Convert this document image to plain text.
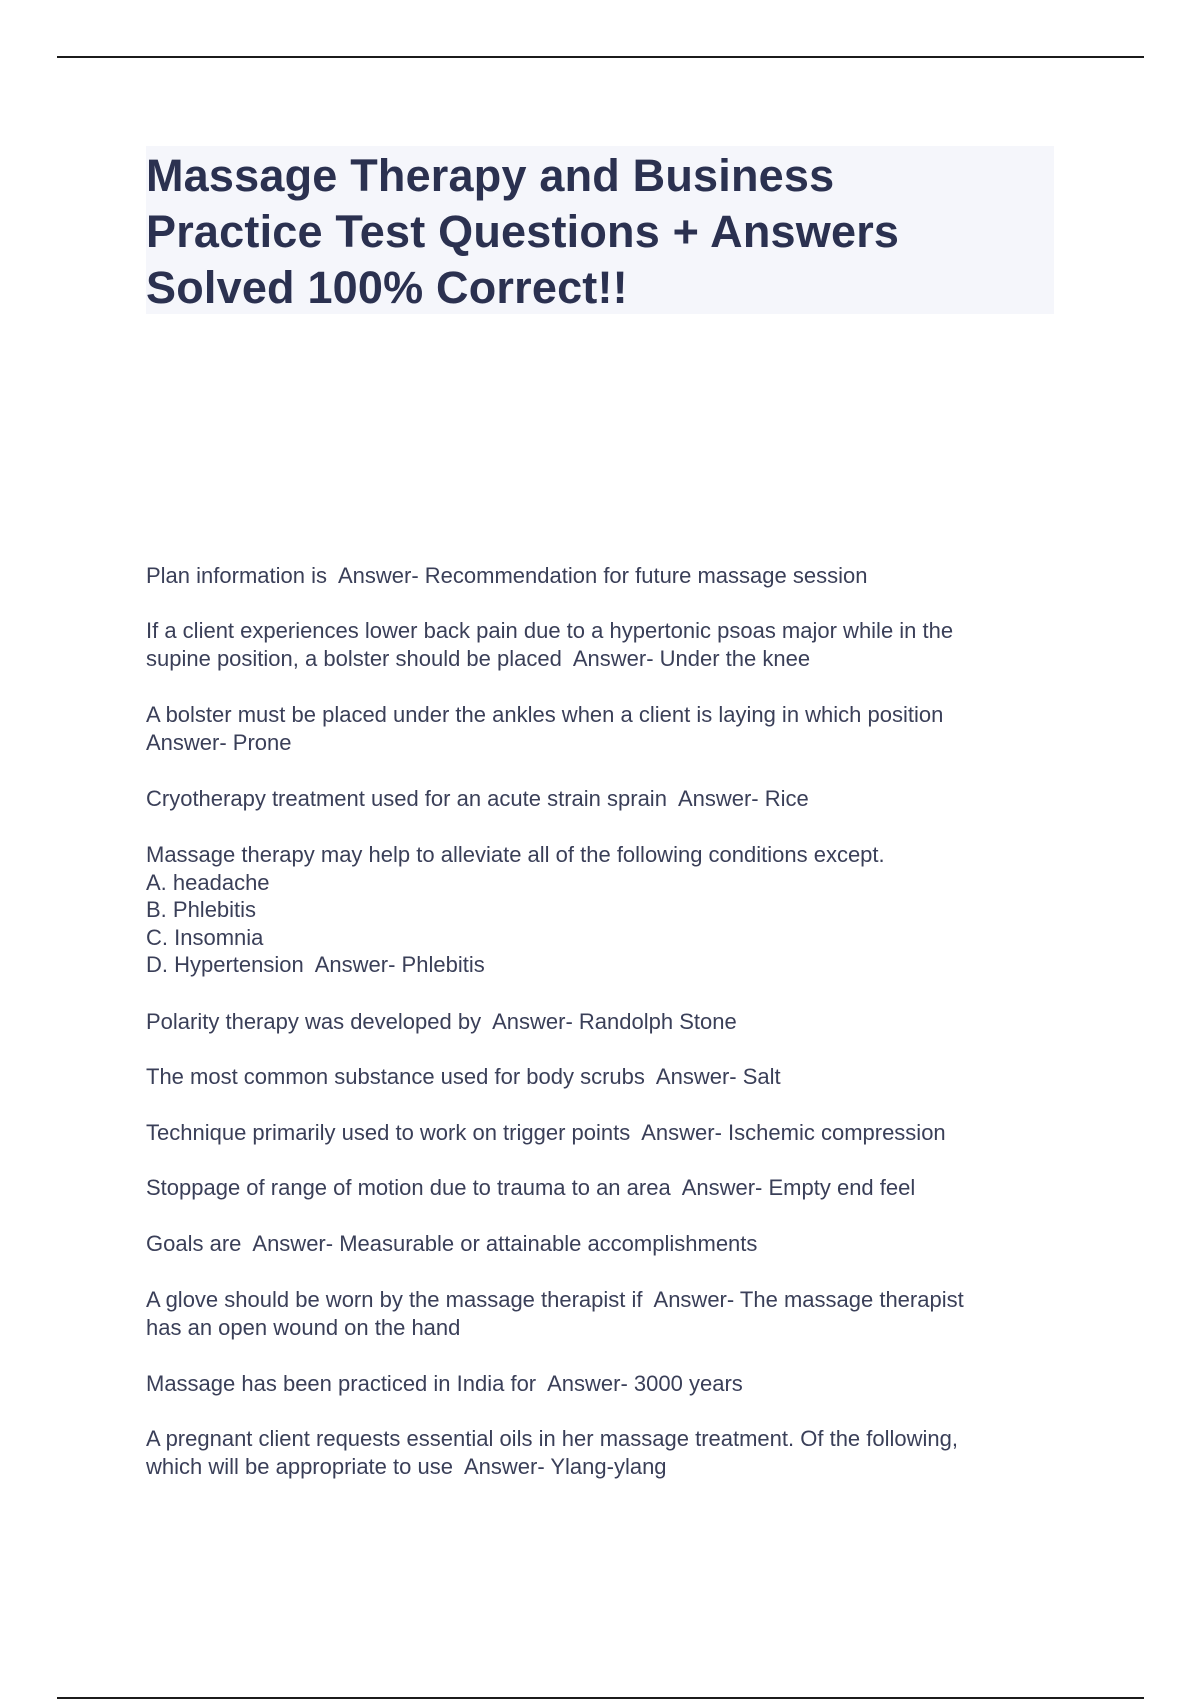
Massage Therapy and Business
Practice Test Questions + Answers
Solved 100% Correct!!
Plan information is  Answer- Recommendation for future massage session
If a client experiences lower back pain due to a hypertonic psoas major while in the
supine position, a bolster should be placed  Answer- Under the knee
A bolster must be placed under the ankles when a client is laying in which position
Answer- Prone
Cryotherapy treatment used for an acute strain sprain  Answer- Rice
Massage therapy may help to alleviate all of the following conditions except.
A. headache
B. Phlebitis
C. Insomnia
D. Hypertension  Answer- Phlebitis
Polarity therapy was developed by  Answer- Randolph Stone
The most common substance used for body scrubs  Answer- Salt
Technique primarily used to work on trigger points  Answer- Ischemic compression
Stoppage of range of motion due to trauma to an area  Answer- Empty end feel
Goals are  Answer- Measurable or attainable accomplishments
A glove should be worn by the massage therapist if  Answer- The massage therapist
has an open wound on the hand
Massage has been practiced in India for  Answer- 3000 years
A pregnant client requests essential oils in her massage treatment. Of the following,
which will be appropriate to use  Answer- Ylang-ylang
